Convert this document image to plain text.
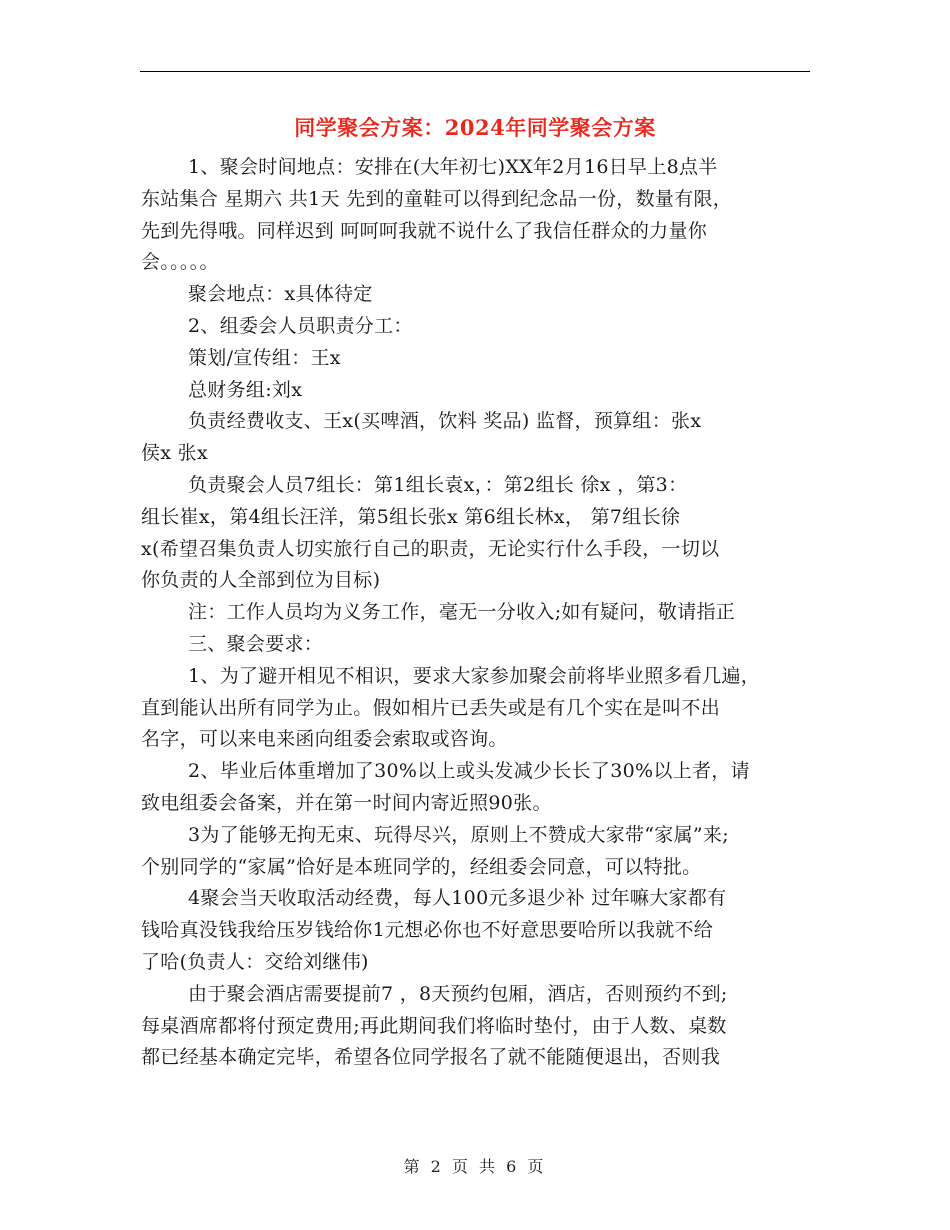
同学聚会方案：2024年同学聚会方案
1、聚会时间地点：安排在(大年初七)XX年2月16日早上8点半
东站集合 星期六 共1天 先到的童鞋可以得到纪念品一份，数量有限，
先到先得哦。同样迟到 呵呵呵我就不说什么了我信任群众的力量你
会。。。。。
聚会地点：x具体待定
2、组委会人员职责分工：
策划/宣传组：王x
总财务组:刘x
负责经费收支、王x(买啤酒，饮料 奖品) 监督，预算组：张x
侯x 张x
负责聚会人员7组长：第1组长袁x，：第2组长 徐x ，第3：
组长崔x，第4组长汪洋，第5组长张x 第6组长林x， 第7组长徐
x(希望召集负责人切实旅行自己的职责，无论实行什么手段，一切以
你负责的人全部到位为目标)
注：工作人员均为义务工作，毫无一分收入;如有疑问，敬请指正
三、聚会要求：
1、为了避开相见不相识，要求大家参加聚会前将毕业照多看几遍，
直到能认出所有同学为止。假如相片已丢失或是有几个实在是叫不出
名字，可以来电来函向组委会索取或咨询。
2、毕业后体重增加了30%以上或头发减少长长了30%以上者，请
致电组委会备案，并在第一时间内寄近照90张。
3为了能够无拘无束、玩得尽兴，原则上不赞成大家带“家属”来;
个别同学的“家属”恰好是本班同学的，经组委会同意，可以特批。
4聚会当天收取活动经费，每人100元多退少补 过年嘛大家都有
钱哈真没钱我给压岁钱给你1元想必你也不好意思要哈所以我就不给
了哈(负责人：交给刘继伟)
由于聚会酒店需要提前7 ，8天预约包厢，酒店，否则预约不到;
每桌酒席都将付预定费用;再此期间我们将临时垫付，由于人数、桌数
都已经基本确定完毕，希望各位同学报名了就不能随便退出，否则我
第 2 页 共 6 页
